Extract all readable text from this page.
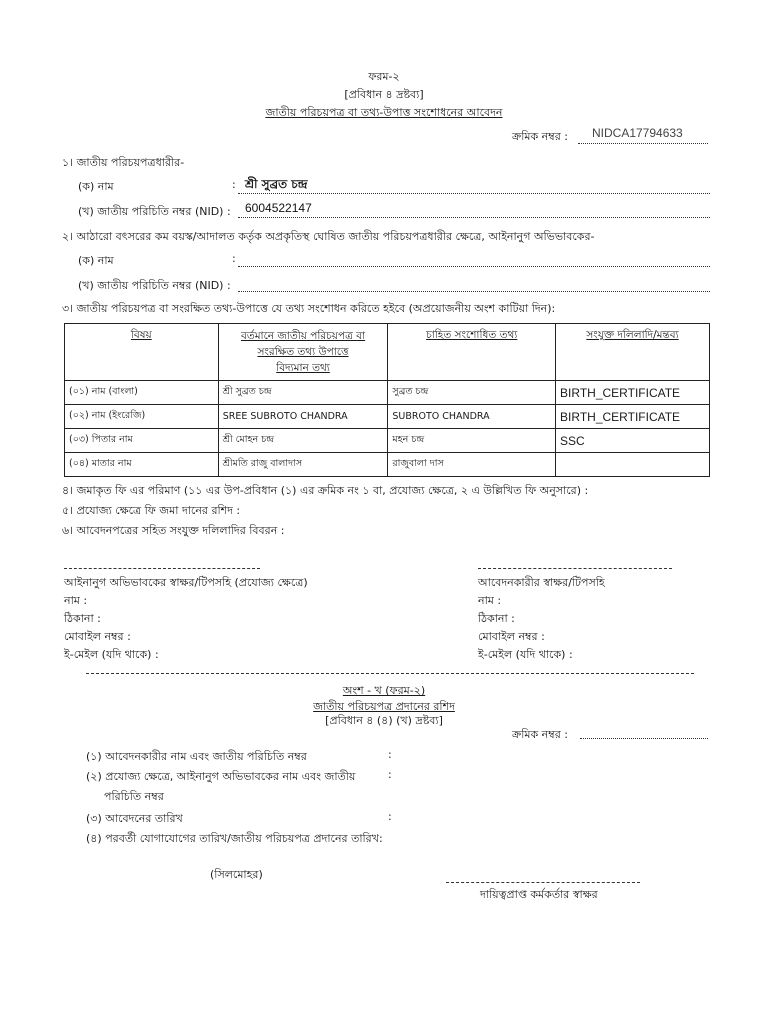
ফরম-২
[প্রবিধান ৪ দ্রষ্টব্য]
জাতীয় পরিচয়পত্র বা তথ্য-উপাত্ত সংশোধনের আবেদন
ক্রমিক নম্বর : NIDCA17794633
১। জাতীয় পরিচয়পত্রধারীর-
(ক) নাম	: শ্রী সুব্রত চন্দ্র
(খ) জাতীয় পরিচিতি নম্বর (NID) : 6004522147
২। আঠারো বৎসরের কম বয়স্ক/আদালত কর্তৃক অপ্রকৃতিস্থ ঘোষিত জাতীয় পরিচয়পত্রধারীর ক্ষেত্রে, আইনানুগ অভিভাবকের-
(ক) নাম	:
(খ) জাতীয় পরিচিতি নম্বর (NID) :
৩। জাতীয় পরিচয়পত্র বা সংরক্ষিত তথ্য-উপাত্তে যে তথ্য সংশোধন করিতে হইবে (অপ্রয়োজনীয় অংশ কাটিয়া দিন):
বিষয়	বর্তমানে জাতীয় পরিচয়পত্র বা
সংরক্ষিত তথ্য উপাত্তে
বিদ্যমান তথ্য	চাহিত সংশোধিত তথ্য	সংযুক্ত দলিলাদি/মন্তব্য
(০১) নাম (বাংলা)	শ্রী সুব্রত চন্দ্র	সুব্রত চন্দ্র	BIRTH_CERTIFICATE
(০২) নাম (ইংরেজি)	SREE SUBROTO CHANDRA	SUBROTO CHANDRA	BIRTH_CERTIFICATE
(০৩) পিতার নাম	শ্রী মোহন চন্দ্র	মহন চন্দ্র	SSC
(০৪) মাতার নাম	শ্রীমতি রাজু বালাদাস	রাজুবালা দাস	
৪। জমাকৃত ফি এর পরিমাণ (১১ এর উপ-প্রবিধান (১) এর ক্রমিক নং ১ বা, প্রযোজ্য ক্ষেত্রে, ২ এ উল্লিখিত ফি অনুসারে) :
৫। প্রযোজ্য ক্ষেত্রে ফি জমা দানের রশিদ :
৬। আবেদনপত্রের সহিত সংযুক্ত দলিলাদির বিবরন :
আইনানুগ অভিভাবকের স্বাক্ষর/টিপসহি (প্রযোজ্য ক্ষেত্রে)
নাম :
ঠিকানা :
মোবাইল নম্বর :
ই-মেইল (যদি থাকে) :
আবেদনকারীর স্বাক্ষর/টিপসহি
নাম :
ঠিকানা :
মোবাইল নম্বর :
ই-মেইল (যদি থাকে) :
অংশ - খ (ফরম-২)
জাতীয় পরিচয়পত্র প্রদানের রশিদ
[প্রবিধান ৪ (৪) (খ) দ্রষ্টব্য]
ক্রমিক নম্বর :
(১) আবেদনকারীর নাম এবং জাতীয় পরিচিতি নম্বর	:
(২) প্রযোজ্য ক্ষেত্রে, আইনানুগ অভিভাবকের নাম এবং জাতীয়	:
পরিচিতি নম্বর
(৩) আবেদনের তারিখ	:
(৪) পরবর্তী যোগাযোগের তারিখ/জাতীয় পরিচয়পত্র প্রদানের তারিখ:
(সিলমোহর)
দায়িত্বপ্রাপ্ত কর্মকর্তার স্বাক্ষর
